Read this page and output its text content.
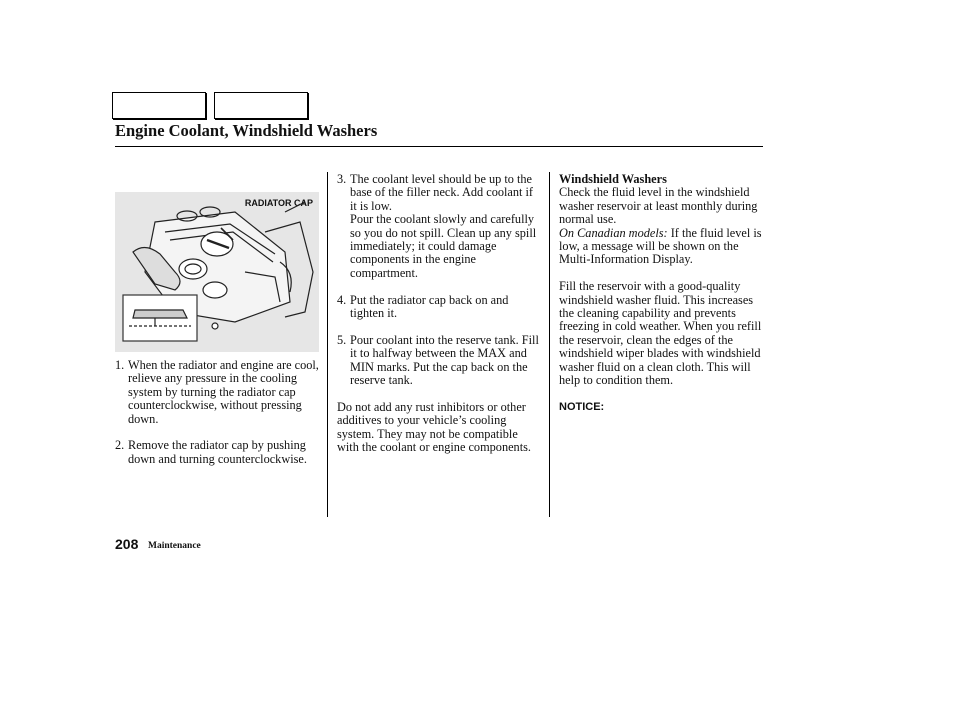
Engine Coolant, Windshield Washers
RADIATOR CAP
1. When the radiator and engine are cool, relieve any pressure in the cooling system by turning the radiator cap counterclockwise, without pressing down.
2. Remove the radiator cap by pushing down and turning counterclockwise.
3. The coolant level should be up to the base of the filler neck. Add coolant if it is low.
Pour the coolant slowly and carefully so you do not spill. Clean up any spill immediately; it could damage components in the engine compartment.
4. Put the radiator cap back on and tighten it.
5. Pour coolant into the reserve tank. Fill it to halfway between the MAX and MIN marks. Put the cap back on the reserve tank.

Do not add any rust inhibitors or other additives to your vehicle’s cooling system. They may not be compatible with the coolant or engine components.

Windshield Washers

Check the fluid level in the windshield washer reservoir at least monthly during normal use.
On Canadian models: If the fluid level is low, a message will be shown on the Multi-Information Display.

Fill the reservoir with a good-quality windshield washer fluid. This increases the cleaning capability and prevents freezing in cold weather. When you refill the reservoir, clean the edges of the windshield wiper blades with windshield washer fluid on a clean cloth. This will help to condition them.

NOTICE:
208 Maintenance
